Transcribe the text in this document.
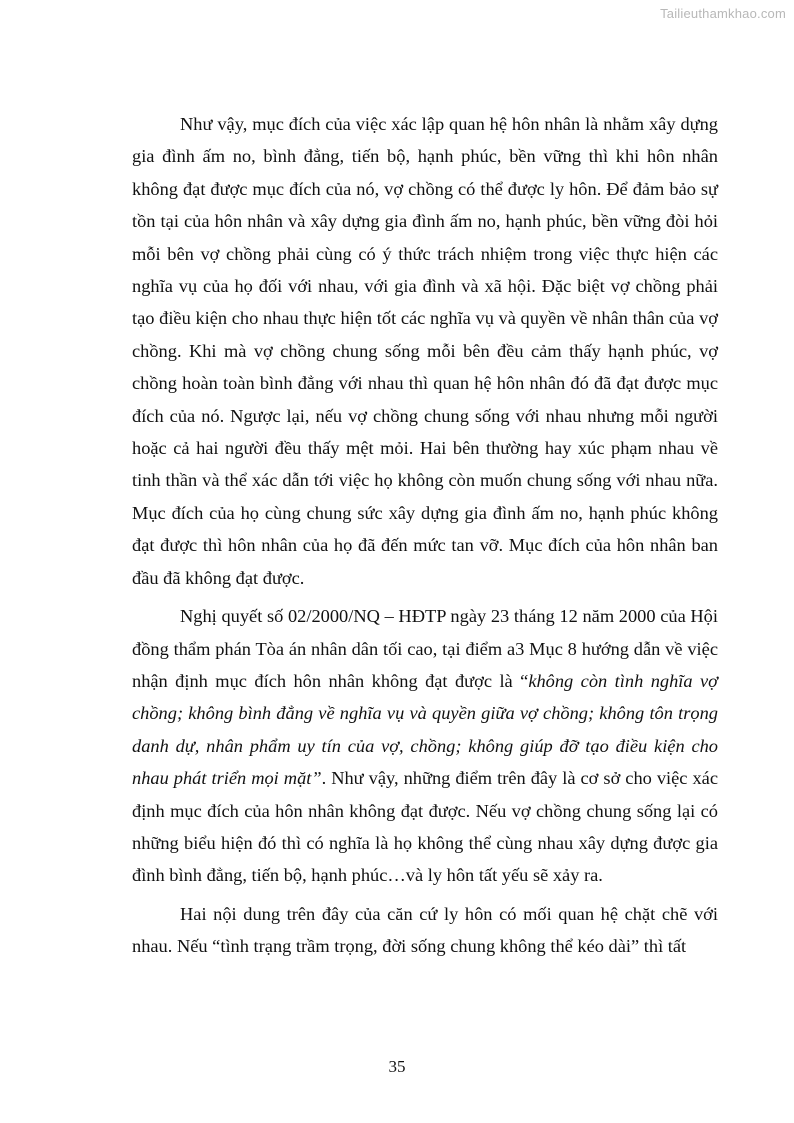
Tailieuthamkhao.com

Như vậy, mục đích của việc xác lập quan hệ hôn nhân là nhằm xây dựng gia đình ấm no, bình đẳng, tiến bộ, hạnh phúc, bền vững thì khi hôn nhân không đạt được mục đích của nó, vợ chồng có thể được ly hôn. Để đảm bảo sự tồn tại của hôn nhân và xây dựng gia đình ấm no, hạnh phúc, bền vững đòi hỏi mỗi bên vợ chồng phải cùng có ý thức trách nhiệm trong việc thực hiện các nghĩa vụ của họ đối với nhau, với gia đình và xã hội. Đặc biệt vợ chồng phải tạo điều kiện cho nhau thực hiện tốt các nghĩa vụ và quyền về nhân thân của vợ chồng. Khi mà vợ chồng chung sống mỗi bên đều cảm thấy hạnh phúc, vợ chồng hoàn toàn bình đẳng với nhau thì quan hệ hôn nhân đó đã đạt được mục đích của nó. Ngược lại, nếu vợ chồng chung sống với nhau nhưng mỗi người hoặc cả hai người đều thấy mệt mỏi. Hai bên thường hay xúc phạm nhau về tinh thần và thể xác dẫn tới việc họ không còn muốn chung sống với nhau nữa. Mục đích của họ cùng chung sức xây dựng gia đình ấm no, hạnh phúc không đạt được thì hôn nhân của họ đã đến mức tan vỡ. Mục đích của hôn nhân ban đầu đã không đạt được.

Nghị quyết số 02/2000/NQ – HĐTP ngày 23 tháng 12 năm 2000 của Hội đồng thẩm phán Tòa án nhân dân tối cao, tại điểm a3 Mục 8 hướng dẫn về việc nhận định mục đích hôn nhân không đạt được là “không còn tình nghĩa vợ chồng; không bình đẳng về nghĩa vụ và quyền giữa vợ chồng; không tôn trọng danh dự, nhân phẩm uy tín của vợ, chồng; không giúp đỡ tạo điều kiện cho nhau phát triển mọi mặt”. Như vậy, những điểm trên đây là cơ sở cho việc xác định mục đích của hôn nhân không đạt được. Nếu vợ chồng chung sống lại có những biểu hiện đó thì có nghĩa là họ không thể cùng nhau xây dựng được gia đình bình đẳng, tiến bộ, hạnh phúc…và ly hôn tất yếu sẽ xảy ra.

Hai nội dung trên đây của căn cứ ly hôn có mối quan hệ chặt chẽ với nhau. Nếu “tình trạng trầm trọng, đời sống chung không thể kéo dài” thì tất

35
